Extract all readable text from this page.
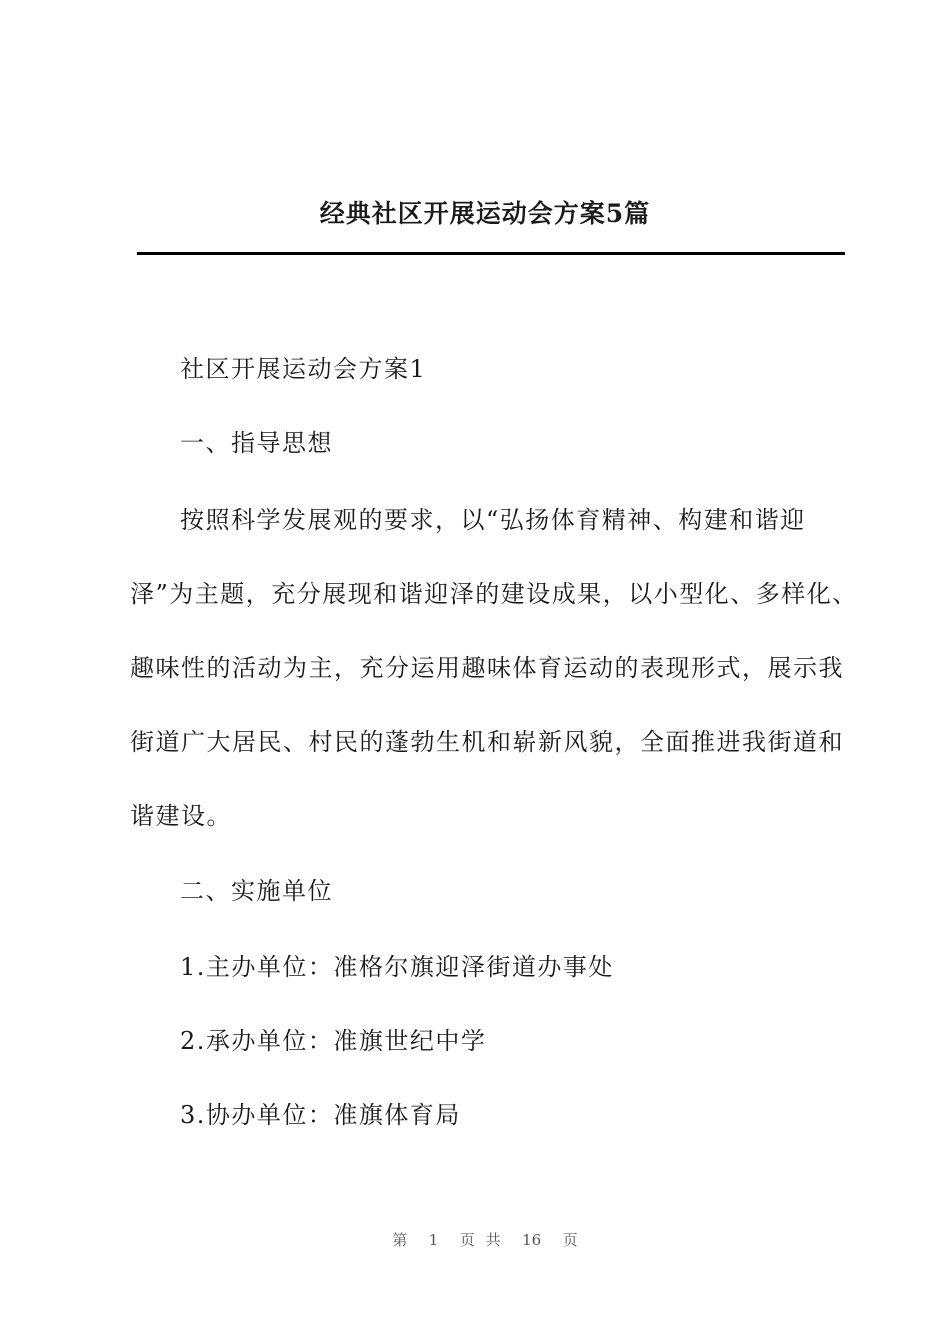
经典社区开展运动会方案5篇
社区开展运动会方案1
一、指导思想
按照科学发展观的要求，以“弘扬体育精神、构建和谐迎
泽”为主题，充分展现和谐迎泽的建设成果，以小型化、多样化、
趣味性的活动为主，充分运用趣味体育运动的表现形式，展示我
街道广大居民、村民的蓬勃生机和崭新风貌，全面推进我街道和
谐建设。
二、实施单位
1.主办单位：准格尔旗迎泽街道办事处
2.承办单位：准旗世纪中学
3.协办单位：准旗体育局
第  1  页 共  16  页
